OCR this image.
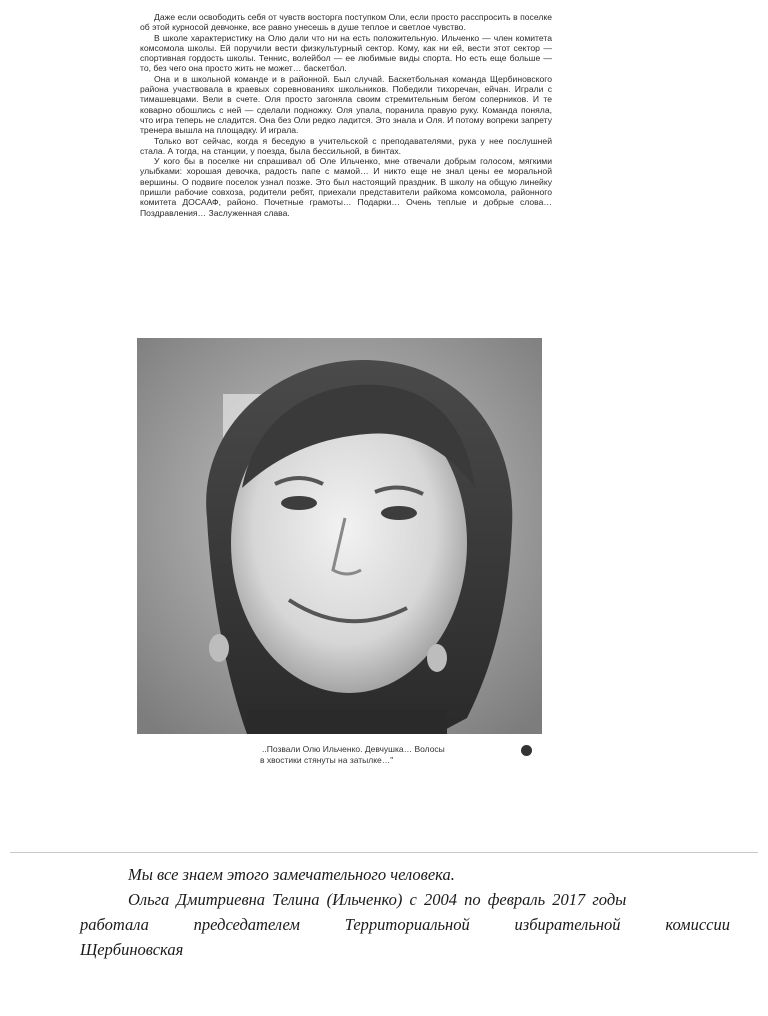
Даже если освободить себя от чувств восторга поступком Оли, если просто расспросить в поселке об этой курносой девчонке, все равно унесешь в душе теплое и светлое чувство.

В школе характеристику на Олю дали что ни на есть положительную. Ильченко — член комитета комсомола школы. Ей поручили вести физкультурный сектор. Кому, как ни ей, вести этот сектор — спортивная гордость школы. Теннис, волейбол — ее любимые виды спорта. Но есть еще больше — то, без чего она просто жить не может… баскетбол.

Она и в школьной команде и в районной. Был случай. Баскетбольная команда Щербиновского района участвовала в краевых соревнованиях школьников. Победили тихоречан, ейчан. Играли с тимашевцами. Вели в счете. Оля просто загоняла своим стремительным бегом соперников. И те коварно обошлись с ней — сделали подножку. Оля упала, поранила правую руку. Команда поняла, что игра теперь не сладится. Она без Оли редко ладится. Это знала и Оля. И потому вопреки запрету тренера вышла на площадку. И играла.

Только вот сейчас, когда я беседую в учительской с преподавателями, рука у нее послушней стала. А тогда, на станции, у поезда, была бессильной, в бинтах.

У кого бы в поселке ни спрашивал об Оле Ильченко, мне отвечали добрым голосом, мягкими улыбками: хорошая девочка, радость папе с мамой… И никто еще не знал цены ее моральной вершины. О подвиге поселок узнал позже. Это был настоящий праздник. В школу на общую линейку пришли рабочие совхоза, родители ребят, приехали представители райкома комсомола, районного комитета ДОСААФ, районо. Почетные грамоты… Подарки… Очень теплые и добрые слова… Поздравления… Заслуженная слава.

..Позвали Олю Ильченко. Девчушка… Волосы
в хвостики стянуты на затылке…"
Мы все знаем этого замечательного человека.
Ольга Дмитриевна Телина (Ильченко) с 2004 по февраль 2017 годы
работала председателем Территориальной избирательной комиссии
Щербиновская
